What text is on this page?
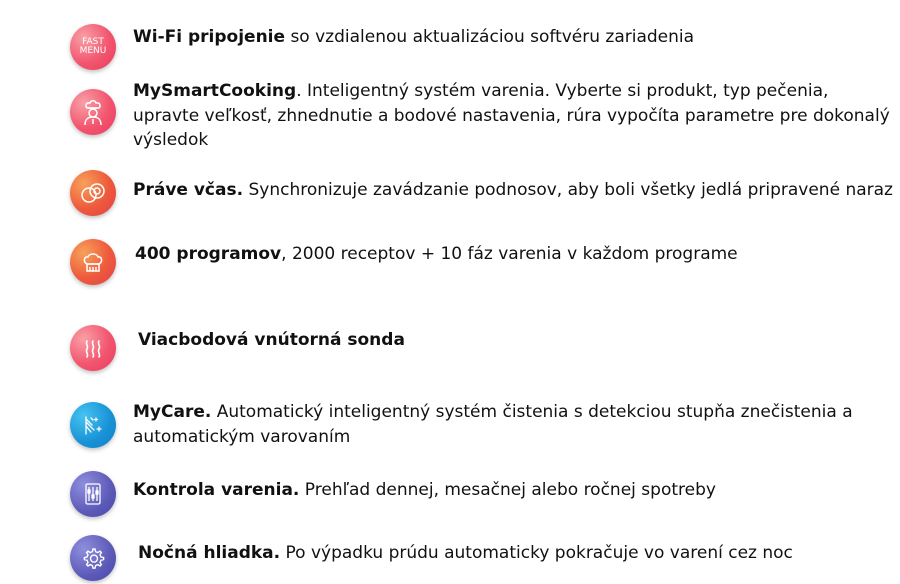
FAST
MENU
Wi-Fi pripojenie so vzdialenou aktualizáciou softvéru zariadenia
MySmartCooking. Inteligentný systém varenia. Vyberte si produkt, typ pečenia, upravte veľkosť, zhnednutie a bodové nastavenia, rúra vypočíta parametre pre dokonalý výsledok
Práve včas. Synchronizuje zavádzanie podnosov, aby boli všetky jedlá pripravené naraz
400 programov, 2000 receptov + 10 fáz varenia v každom programe
Viacbodová vnútorná sonda
MyCare. Automatický inteligentný systém čistenia s detekciou stupňa znečistenia a automatickým varovaním
Kontrola varenia. Prehľad dennej, mesačnej alebo ročnej spotreby
Nočná hliadka. Po výpadku prúdu automaticky pokračuje vo varení cez noc
